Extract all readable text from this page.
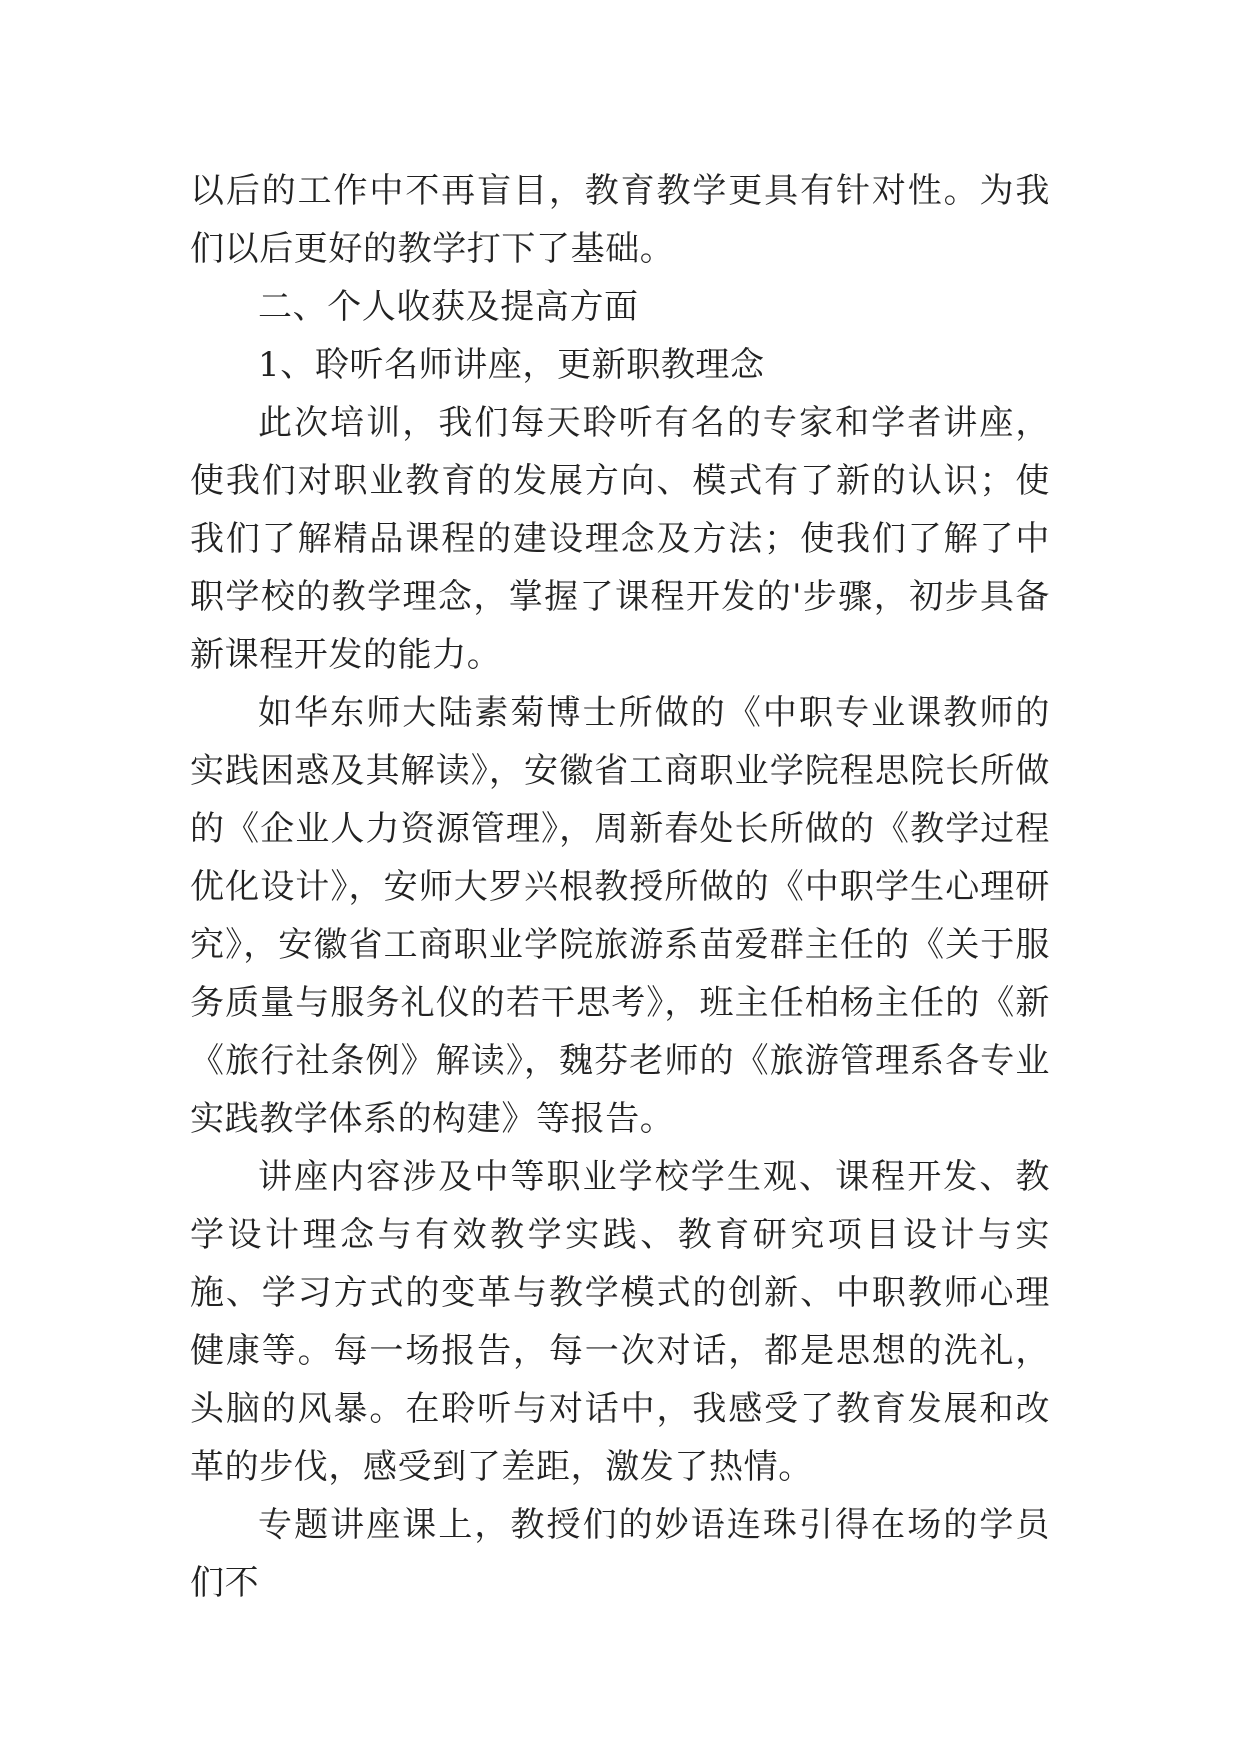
以后的工作中不再盲目，教育教学更具有针对性。为我们以后更好的教学打下了基础。

二、个人收获及提高方面

1、聆听名师讲座，更新职教理念

此次培训，我们每天聆听有名的专家和学者讲座，使我们对职业教育的发展方向、模式有了新的认识；使我们了解精品课程的建设理念及方法；使我们了解了中职学校的教学理念，掌握了课程开发的'步骤，初步具备新课程开发的能力。

如华东师大陆素菊博士所做的《中职专业课教师的实践困惑及其解读》，安徽省工商职业学院程思院长所做的《企业人力资源管理》，周新春处长所做的《教学过程优化设计》，安师大罗兴根教授所做的《中职学生心理研究》，安徽省工商职业学院旅游系苗爱群主任的《关于服务质量与服务礼仪的若干思考》，班主任柏杨主任的《新《旅行社条例》解读》，魏芬老师的《旅游管理系各专业实践教学体系的构建》等报告。

讲座内容涉及中等职业学校学生观、课程开发、教学设计理念与有效教学实践、教育研究项目设计与实施、学习方式的变革与教学模式的创新、中职教师心理健康等。每一场报告，每一次对话，都是思想的洗礼，头脑的风暴。在聆听与对话中，我感受了教育发展和改革的步伐，感受到了差距，激发了热情。

专题讲座课上，教授们的妙语连珠引得在场的学员们不
